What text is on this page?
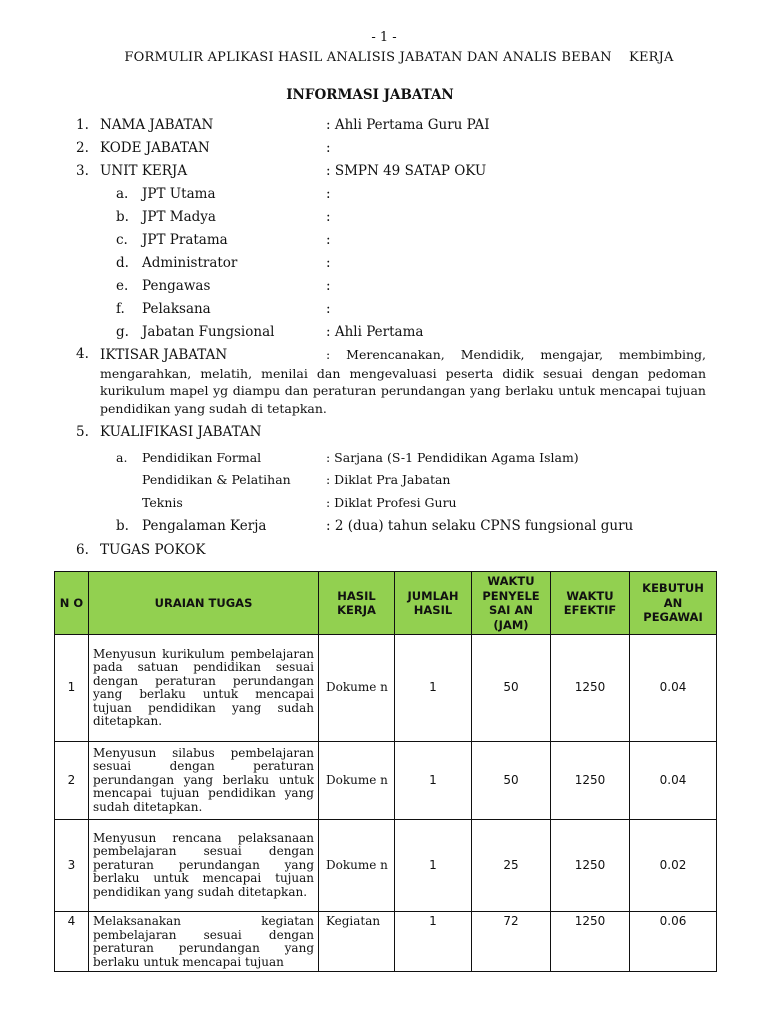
- 1 -
FORMULIR APLIKASI HASIL ANALISIS JABATAN DAN ANALIS BEBAN    KERJA
INFORMASI JABATAN
1. NAMA JABATAN	: Ahli Pertama Guru PAI
2. KODE JABATAN	:
3. UNIT KERJA	: SMPN 49 SATAP OKU
a. JPT Utama	:
b. JPT Madya	:
c. JPT Pratama	:
d. Administrator	:
e. Pengawas	:
f. Pelaksana	:
g. Jabatan Fungsional	: Ahli Pertama
4. IKTISAR JABATAN	: Merencanakan, Mendidik, mengajar, membimbing, mengarahkan, melatih, menilai dan mengevaluasi peserta didik sesuai dengan pedoman kurikulum mapel yg diampu dan peraturan perundangan yang berlaku untuk mencapai tujuan pendidikan yang sudah di tetapkan.
5. KUALIFIKASI JABATAN
a. Pendidikan Formal	: Sarjana (S-1 Pendidikan Agama Islam)
Pendidikan & Pelatihan	: Diklat Pra Jabatan
Teknis	: Diklat Profesi Guru
b. Pengalaman Kerja	: 2 (dua) tahun selaku CPNS fungsional guru
6. TUGAS POKOK
N O	URAIAN TUGAS	HASIL KERJA	JUMLAH HASIL	WAKTU PENYELE SAI AN (JAM)	WAKTU EFEKTIF	KEBUTUH AN PEGAWAI
1	Menyusun kurikulum pembelajaran pada satuan pendidikan sesuai dengan peraturan perundangan yang berlaku untuk mencapai tujuan pendidikan yang sudah ditetapkan.	Dokume n	1	50	1250	0.04
2	Menyusun silabus pembelajaran sesuai dengan peraturan perundangan yang berlaku untuk mencapai tujuan pendidikan yang sudah ditetapkan.	Dokume n	1	50	1250	0.04
3	Menyusun rencana pelaksanaan pembelajaran sesuai dengan peraturan perundangan yang berlaku untuk mencapai tujuan pendidikan yang sudah ditetapkan.	Dokume n	1	25	1250	0.02
4	Melaksanakan kegiatan pembelajaran sesuai dengan peraturan perundangan yang berlaku untuk mencapai tujuan	Kegiatan	1	72	1250	0.06
